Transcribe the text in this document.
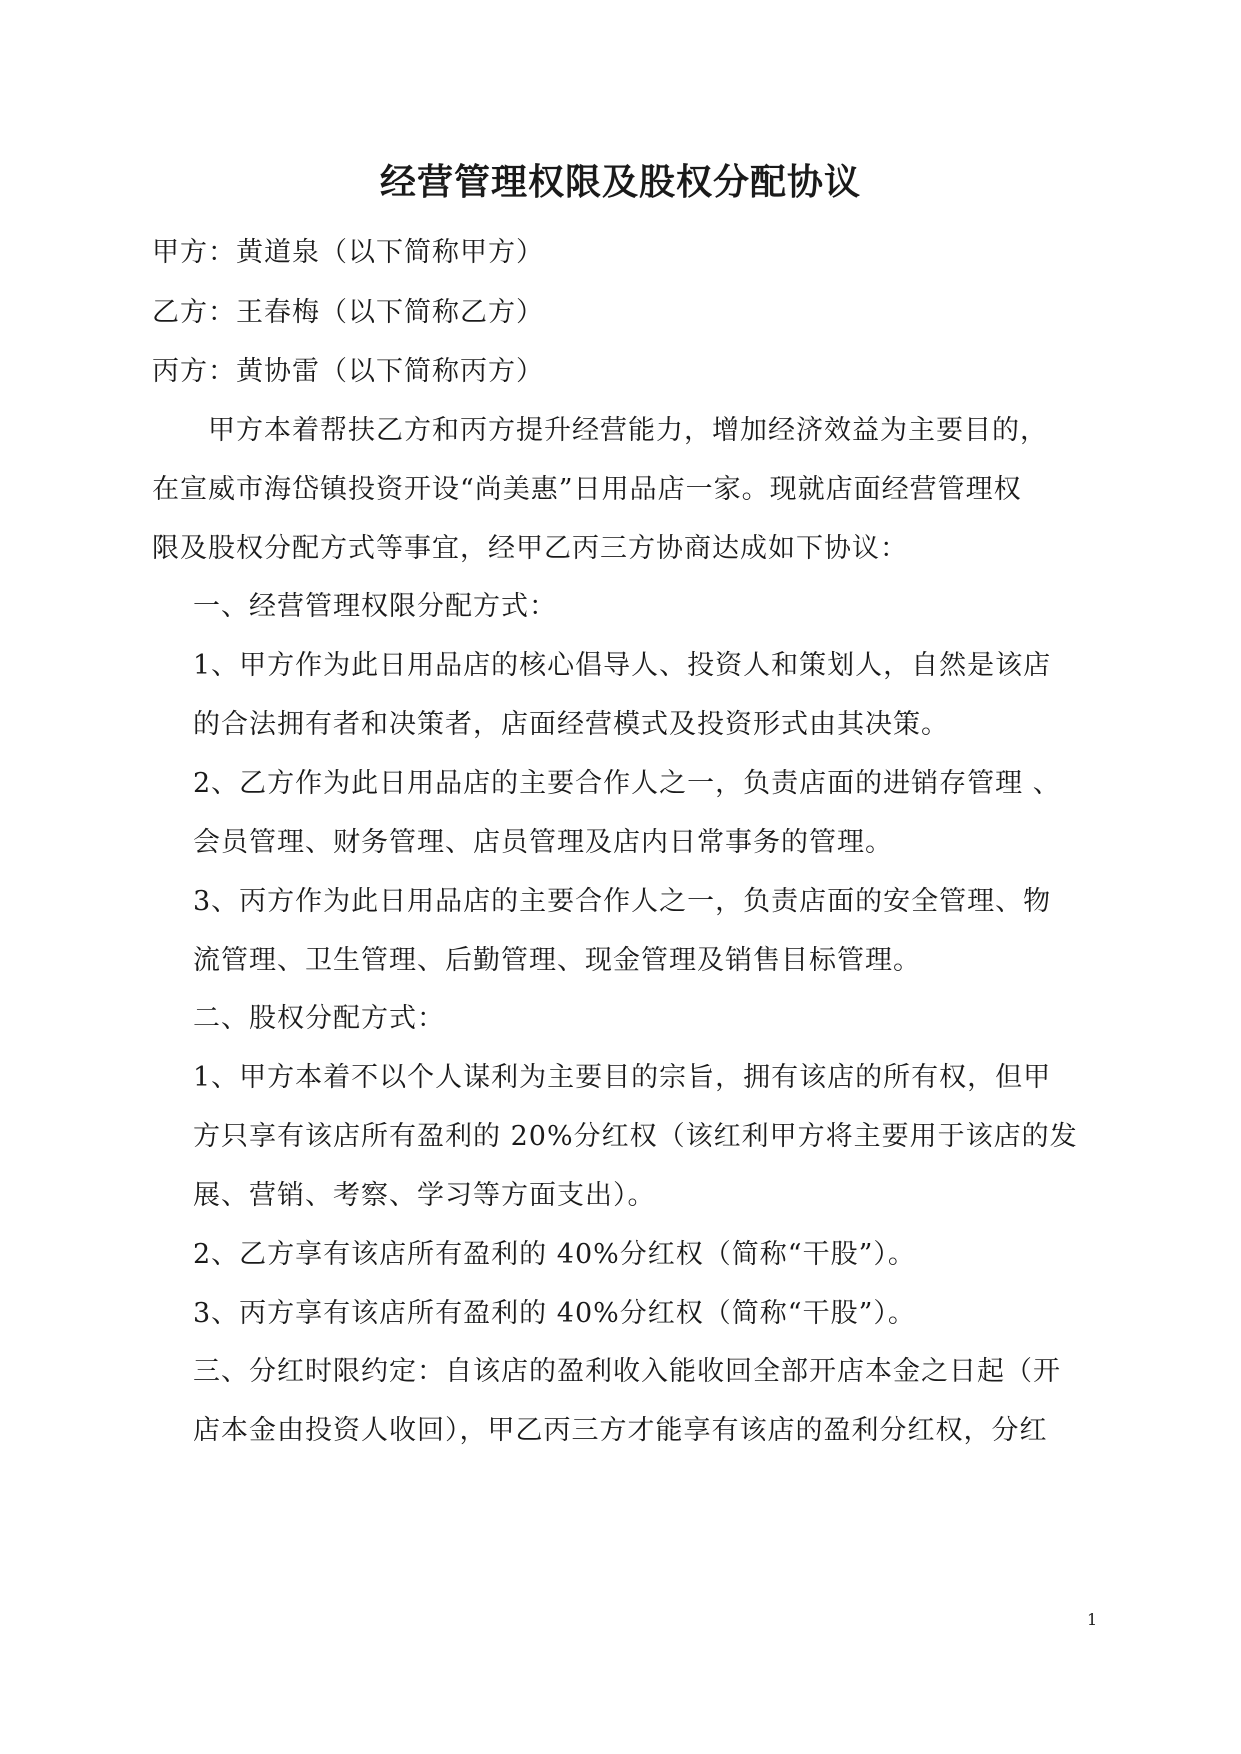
经营管理权限及股权分配协议
甲方：黄道泉（以下简称甲方）
乙方：王春梅（以下简称乙方）
丙方：黄协雷（以下简称丙方）
甲方本着帮扶乙方和丙方提升经营能力，增加经济效益为主要目的，
在宣威市海岱镇投资开设“尚美惠”日用品店一家。现就店面经营管理权
限及股权分配方式等事宜，经甲乙丙三方协商达成如下协议：
一、经营管理权限分配方式：
1、甲方作为此日用品店的核心倡导人、投资人和策划人，自然是该店
的合法拥有者和决策者，店面经营模式及投资形式由其决策。
2、乙方作为此日用品店的主要合作人之一，负责店面的进销存管理 、
会员管理、财务管理、店员管理及店内日常事务的管理。
3、丙方作为此日用品店的主要合作人之一，负责店面的安全管理、物
流管理、卫生管理、后勤管理、现金管理及销售目标管理。
二、股权分配方式：
1、甲方本着不以个人谋利为主要目的宗旨，拥有该店的所有权，但甲
方只享有该店所有盈利的 20%分红权（该红利甲方将主要用于该店的发
展、营销、考察、学习等方面支出）。
2、乙方享有该店所有盈利的 40%分红权（简称“干股”）。
3、丙方享有该店所有盈利的 40%分红权（简称“干股”）。
三、分红时限约定：自该店的盈利收入能收回全部开店本金之日起（开
店本金由投资人收回），甲乙丙三方才能享有该店的盈利分红权，分红
1
